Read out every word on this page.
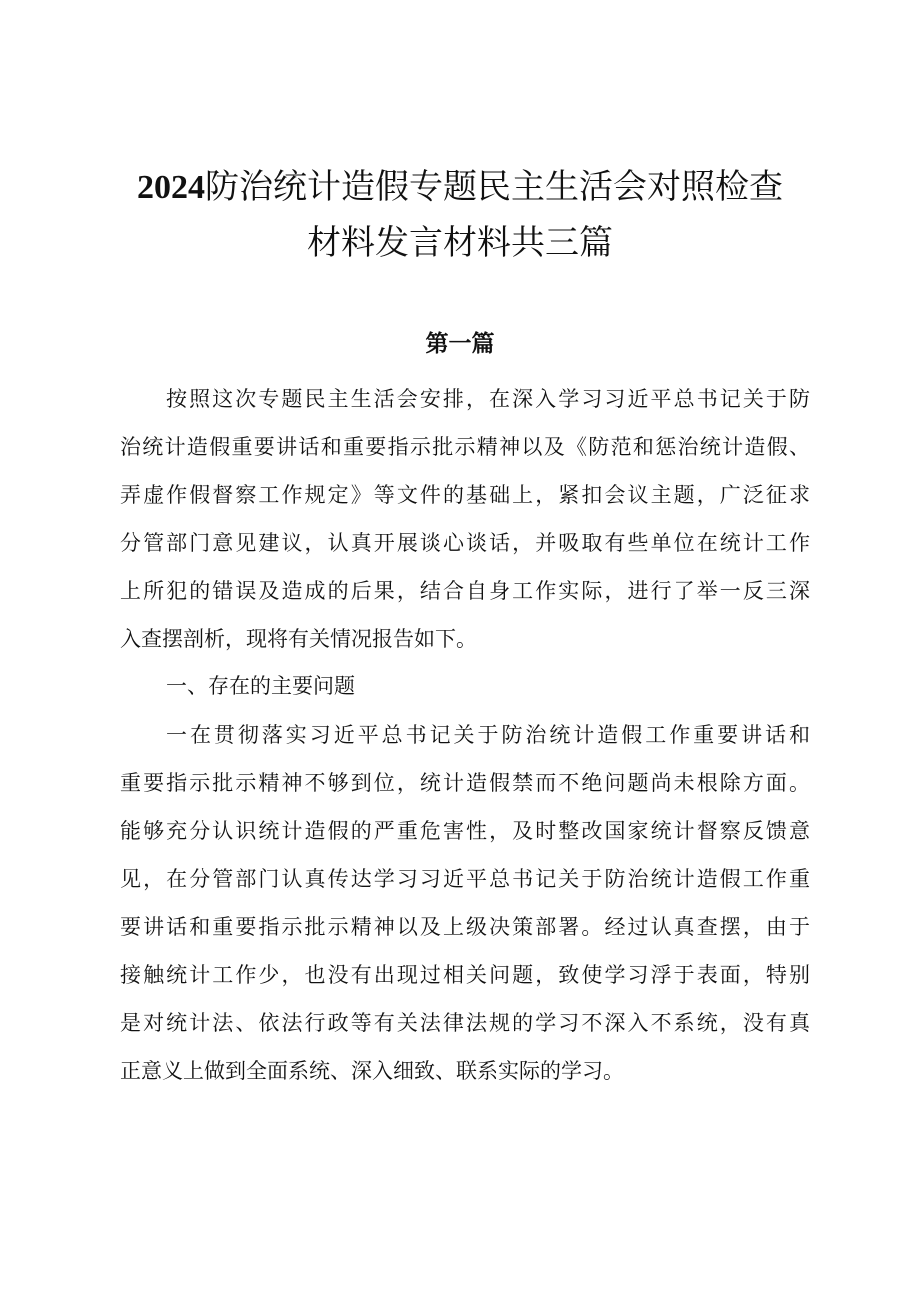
2024防治统计造假专题民主生活会对照检查
材料发言材料共三篇
第一篇
按照这次专题民主生活会安排，在深入学习习近平总书记关于防
治统计造假重要讲话和重要指示批示精神以及《防范和惩治统计造假、
弄虚作假督察工作规定》等文件的基础上，紧扣会议主题，广泛征求
分管部门意见建议，认真开展谈心谈话，并吸取有些单位在统计工作
上所犯的错误及造成的后果，结合自身工作实际，进行了举一反三深
入查摆剖析，现将有关情况报告如下。
一、存在的主要问题
一在贯彻落实习近平总书记关于防治统计造假工作重要讲话和
重要指示批示精神不够到位，统计造假禁而不绝问题尚未根除方面。
能够充分认识统计造假的严重危害性，及时整改国家统计督察反馈意
见，在分管部门认真传达学习习近平总书记关于防治统计造假工作重
要讲话和重要指示批示精神以及上级决策部署。经过认真查摆，由于
接触统计工作少，也没有出现过相关问题，致使学习浮于表面，特别
是对统计法、依法行政等有关法律法规的学习不深入不系统，没有真
正意义上做到全面系统、深入细致、联系实际的学习。
